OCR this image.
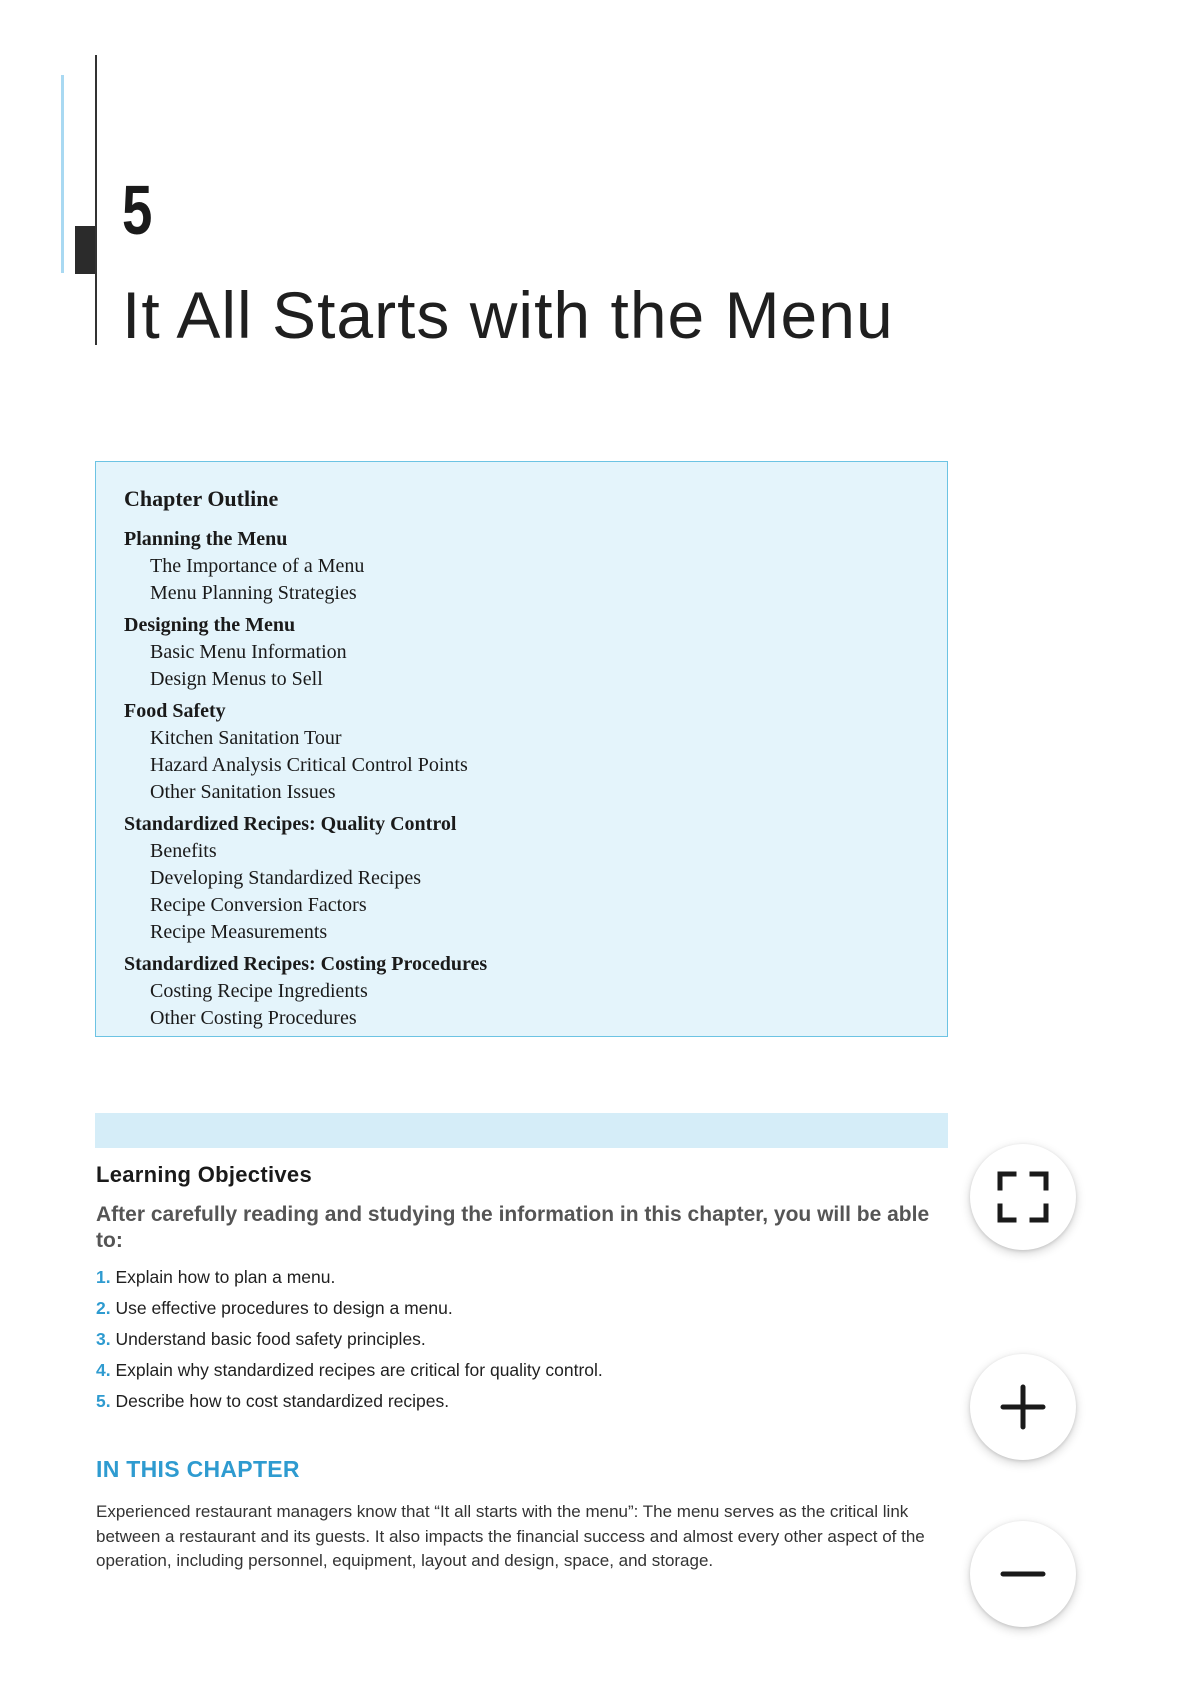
5
It All Starts with the Menu
Chapter Outline
Planning the Menu
The Importance of a Menu
Menu Planning Strategies
Designing the Menu
Basic Menu Information
Design Menus to Sell
Food Safety
Kitchen Sanitation Tour
Hazard Analysis Critical Control Points
Other Sanitation Issues
Standardized Recipes: Quality Control
Benefits
Developing Standardized Recipes
Recipe Conversion Factors
Recipe Measurements
Standardized Recipes: Costing Procedures
Costing Recipe Ingredients
Other Costing Procedures
Learning Objectives
After carefully reading and studying the information in this chapter, you will be able to:
1. Explain how to plan a menu.
2. Use effective procedures to design a menu.
3. Understand basic food safety principles.
4. Explain why standardized recipes are critical for quality control.
5. Describe how to cost standardized recipes.
IN THIS CHAPTER
Experienced restaurant managers know that “It all starts with the menu”: The menu serves as the critical link between a restaurant and its guests. It also impacts the financial success and almost every other aspect of the operation, including personnel, equipment, layout and design, space, and storage.
